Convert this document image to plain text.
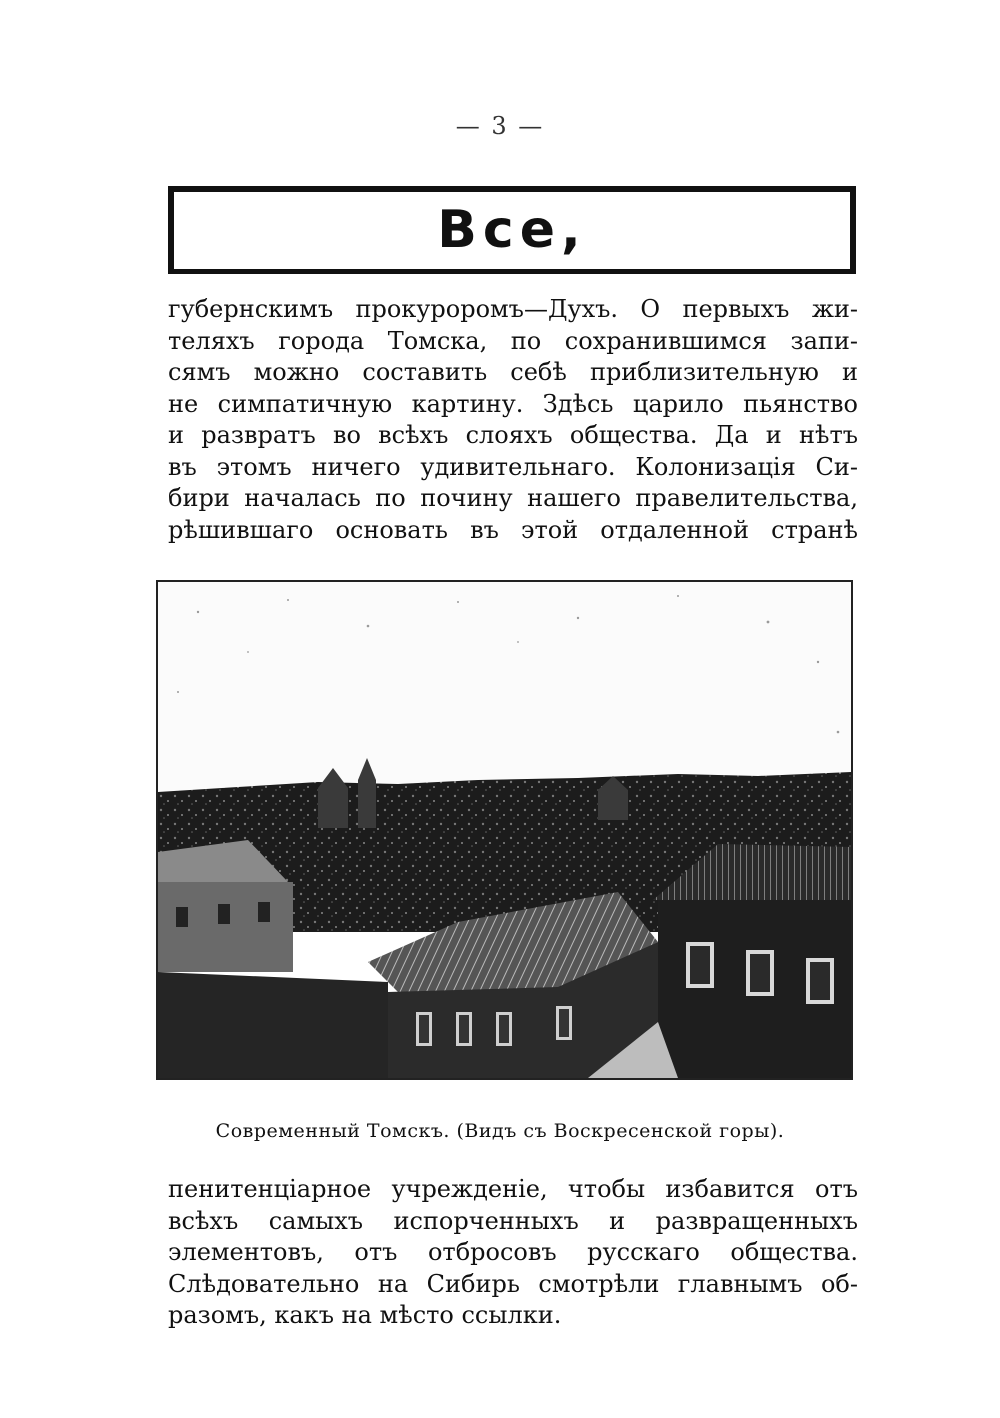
— 3 —
Все,
губернскимъ прокуроромъ—Духъ. О первыхъ жи-
теляхъ города Томска, по сохранившимся запи-
сямъ можно составить себѣ приблизительную и
не симпатичную картину. Здѣсь царило пьянство
и развратъ во всѣхъ слояхъ общества. Да и нѣтъ
въ этомъ ничего удивительнаго. Колонизація Си-
бири началась по почину нашего правелительства,
рѣшившаго основать въ этой отдаленной странѣ
Современный Томскъ. (Видъ съ Воскресенской горы).
пенитенціарное учрежденіе, чтобы избавится отъ
всѣхъ самыхъ испорченныхъ и развращенныхъ
элементовъ, отъ отбросовъ русскаго общества.
Слѣдовательно на Сибирь смотрѣли главнымъ об-
разомъ, какъ на мѣсто ссылки.
